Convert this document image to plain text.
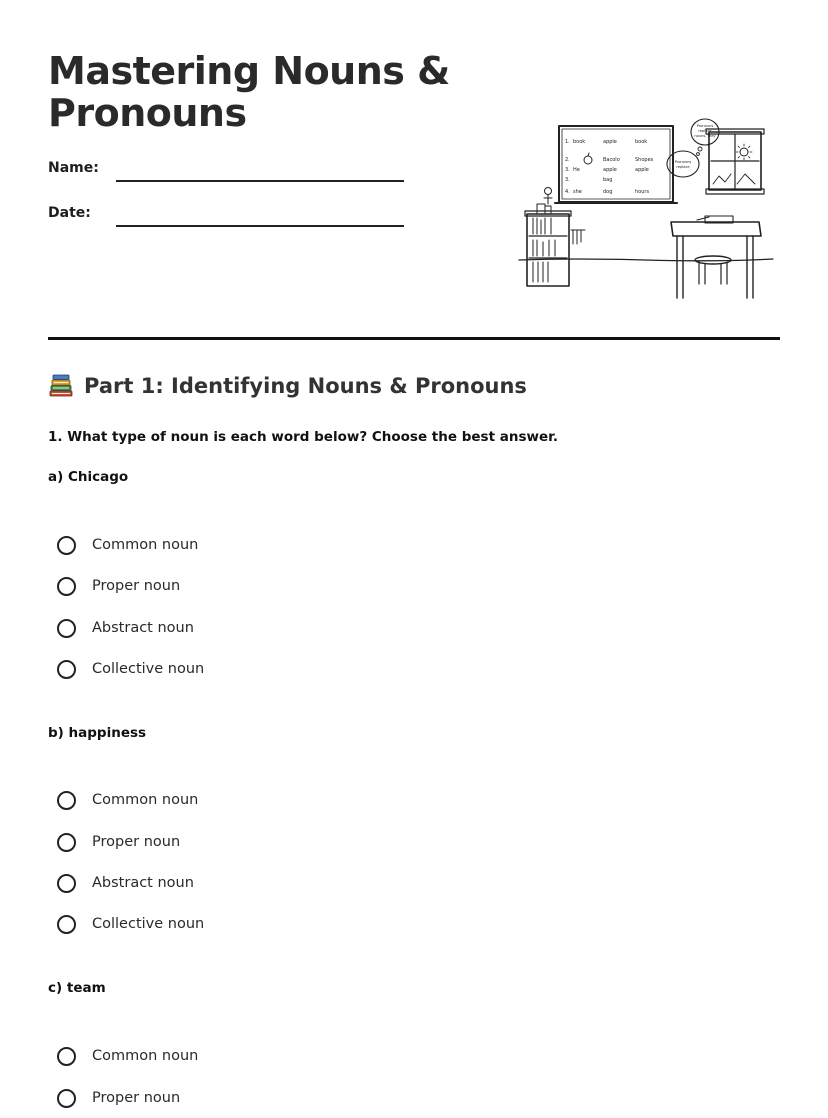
Mastering Nouns & Pronouns
Name:
Date:
1. book	apple	book
2.	Bacolo	Shopes
3. He	apple	apple
3.	bag
4. she	dog	hours
Pronouns
replace
nouns, they
Pronouns
replace
Part 1: Identifying Nouns & Pronouns
1. What type of noun is each word below? Choose the best answer.
a) Chicago
Common noun
Proper noun
Abstract noun
Collective noun
b) happiness
Common noun
Proper noun
Abstract noun
Collective noun
c) team
Common noun
Proper noun
